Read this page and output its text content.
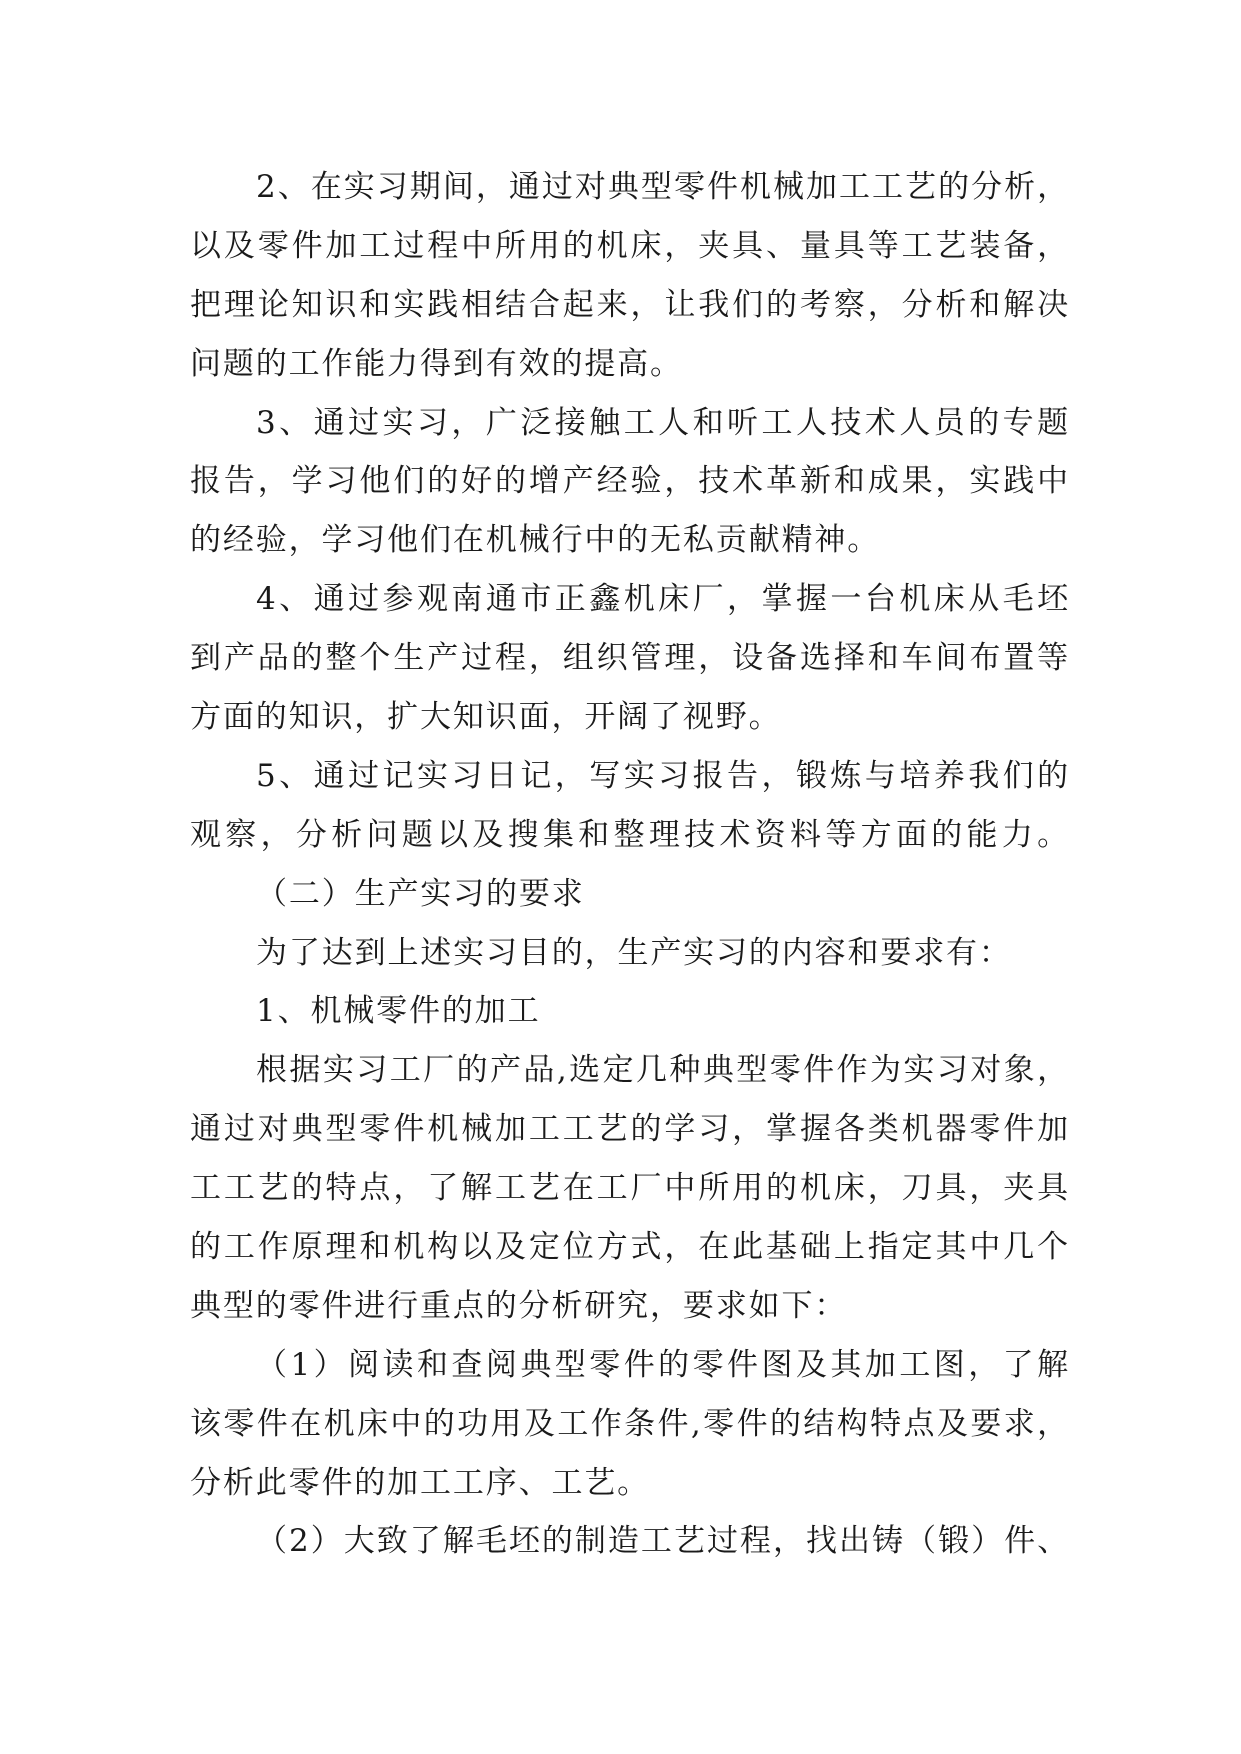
2、在实习期间，通过对典型零件机械加工工艺的分析，
以及零件加工过程中所用的机床，夹具、量具等工艺装备，
把理论知识和实践相结合起来，让我们的考察，分析和解决
问题的工作能力得到有效的提高。
3、通过实习，广泛接触工人和听工人技术人员的专题
报告，学习他们的好的增产经验，技术革新和成果，实践中
的经验，学习他们在机械行中的无私贡献精神。
4、通过参观南通市正鑫机床厂，掌握一台机床从毛坯
到产品的整个生产过程，组织管理，设备选择和车间布置等
方面的知识，扩大知识面，开阔了视野。
5、通过记实习日记，写实习报告，锻炼与培养我们的
观察，分析问题以及搜集和整理技术资料等方面的能力。
（二）生产实习的要求
为了达到上述实习目的，生产实习的内容和要求有：
1、机械零件的加工
根据实习工厂的产品,选定几种典型零件作为实习对象，
通过对典型零件机械加工工艺的学习，掌握各类机器零件加
工工艺的特点，了解工艺在工厂中所用的机床，刀具，夹具
的工作原理和机构以及定位方式，在此基础上指定其中几个
典型的零件进行重点的分析研究，要求如下：
（1）阅读和查阅典型零件的零件图及其加工图，了解
该零件在机床中的功用及工作条件,零件的结构特点及要求，
分析此零件的加工工序、工艺。
（2）大致了解毛坯的制造工艺过程，找出铸（锻）件、
